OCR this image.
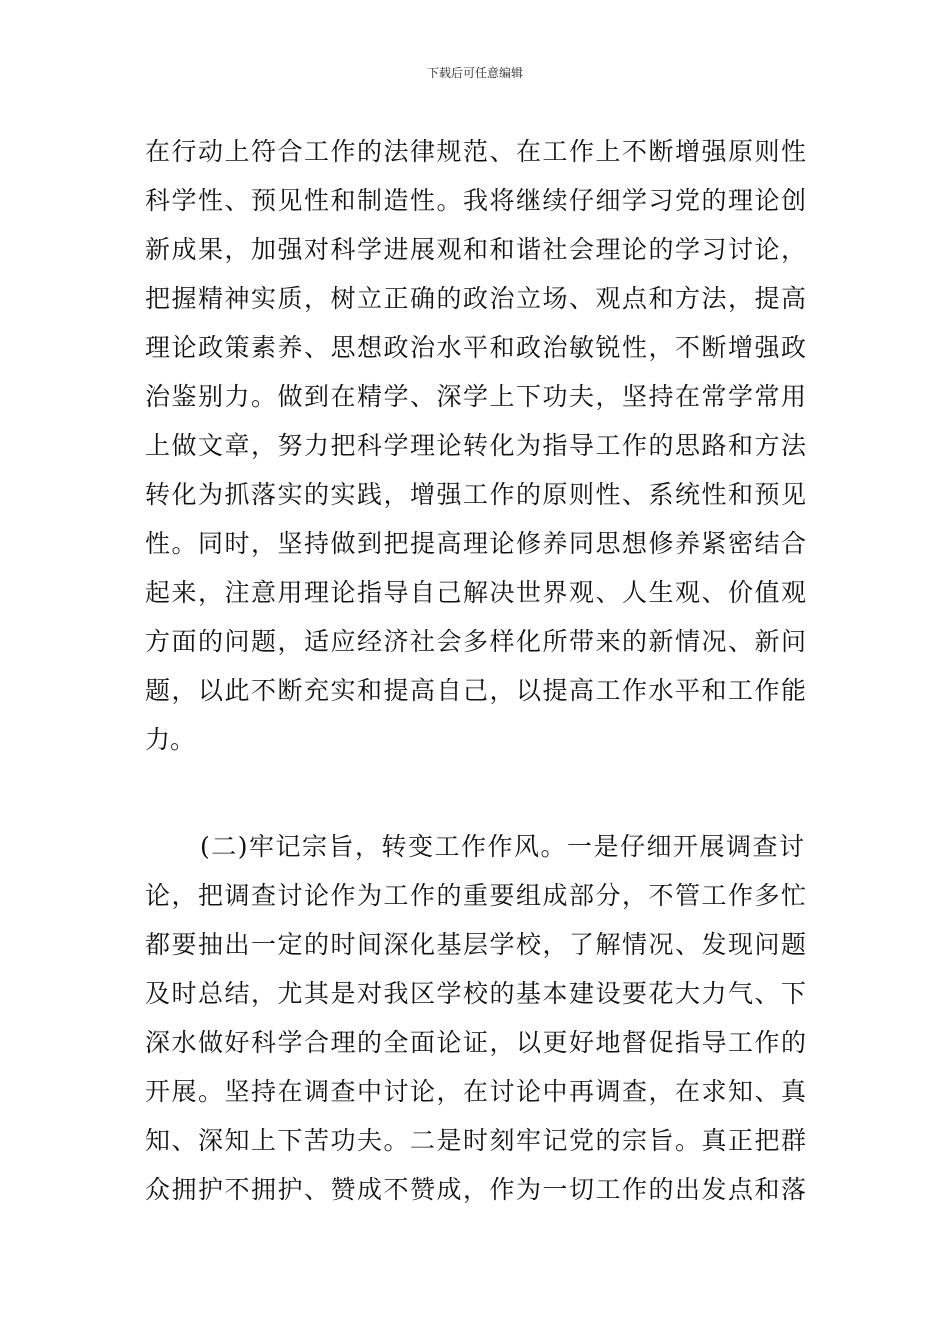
下载后可任意编辑
在行动上符合工作的法律规范、在工作上不断增强原则性
科学性、预见性和制造性。我将继续仔细学习党的理论创
新成果，加强对科学进展观和和谐社会理论的学习讨论，
把握精神实质，树立正确的政治立场、观点和方法，提高
理论政策素养、思想政治水平和政治敏锐性，不断增强政
治鉴别力。做到在精学、深学上下功夫，坚持在常学常用
上做文章，努力把科学理论转化为指导工作的思路和方法
转化为抓落实的实践，增强工作的原则性、系统性和预见
性。同时，坚持做到把提高理论修养同思想修养紧密结合
起来，注意用理论指导自己解决世界观、人生观、价值观
方面的问题，适应经济社会多样化所带来的新情况、新问
题，以此不断充实和提高自己，以提高工作水平和工作能
力。
(二)牢记宗旨，转变工作作风。一是仔细开展调查讨
论，把调查讨论作为工作的重要组成部分，不管工作多忙
都要抽出一定的时间深化基层学校，了解情况、发现问题
及时总结，尤其是对我区学校的基本建设要花大力气、下
深水做好科学合理的全面论证，以更好地督促指导工作的
开展。坚持在调查中讨论，在讨论中再调查，在求知、真
知、深知上下苦功夫。二是时刻牢记党的宗旨。真正把群
众拥护不拥护、赞成不赞成，作为一切工作的出发点和落
